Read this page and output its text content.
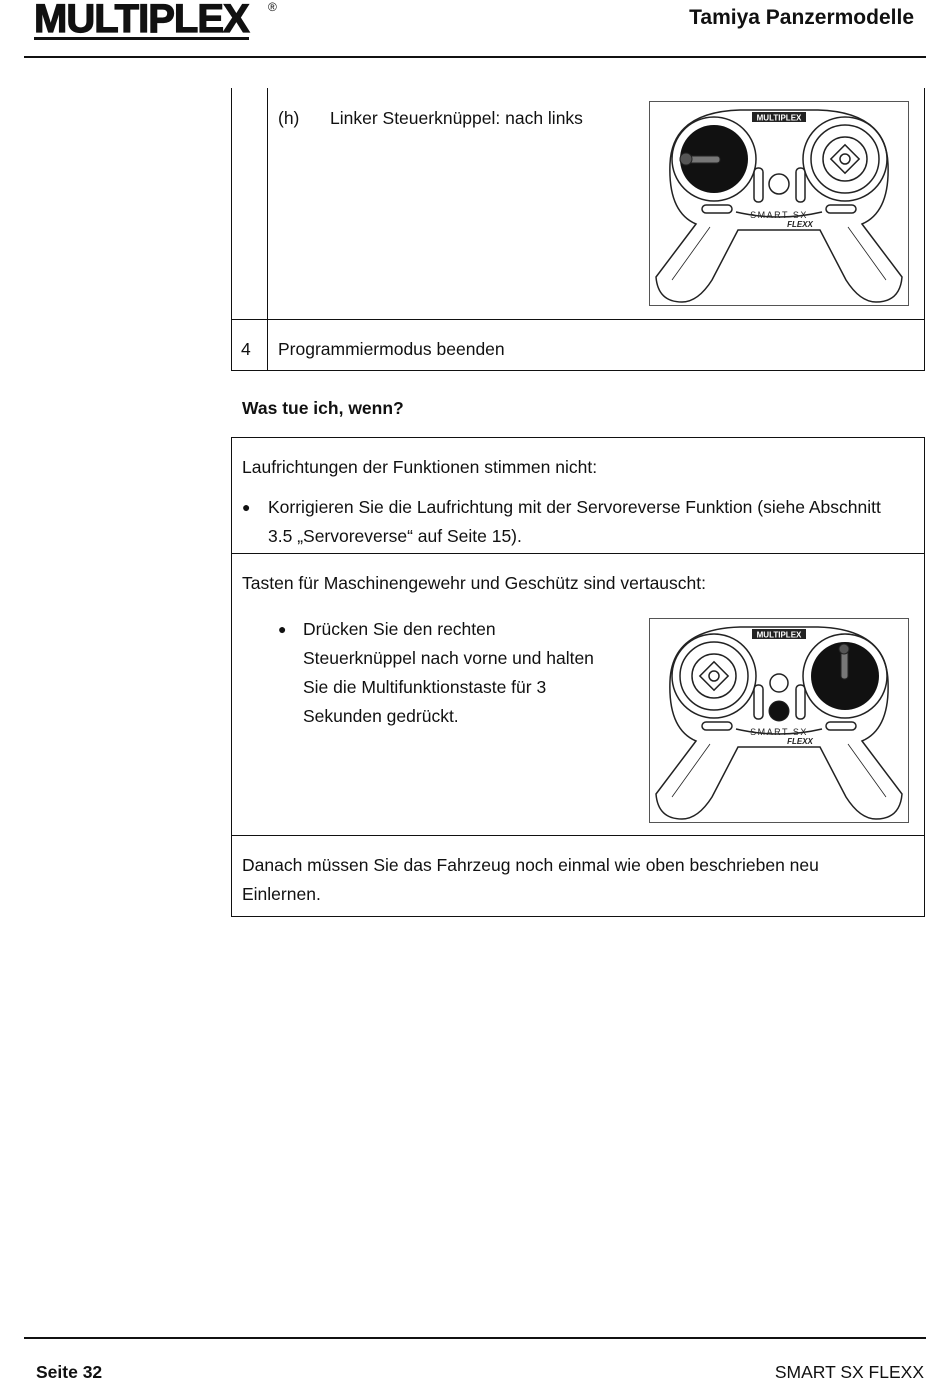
MULTIPLEX ®	Tamiya Panzermodelle
(h) Linker Steuerknüppel: nach links
4 Programmiermodus beenden
MULTIPLEX
SMART SX
FLEXX
Was tue ich, wenn?
Laufrichtungen der Funktionen stimmen nicht:
● Korrigieren Sie die Laufrichtung mit der Servoreverse Funktion (siehe Abschnitt
3.5 „Servoreverse“ auf Seite 15).
Tasten für Maschinengewehr und Geschütz sind vertauscht:
● Drücken Sie den rechten
Steuerknüppel nach vorne und halten
Sie die Multifunktionstaste für 3
Sekunden gedrückt.
MULTIPLEX
SMART SX
FLEXX
Danach müssen Sie das Fahrzeug noch einmal wie oben beschrieben neu
Einlernen.
Seite 32	SMART SX FLEXX
